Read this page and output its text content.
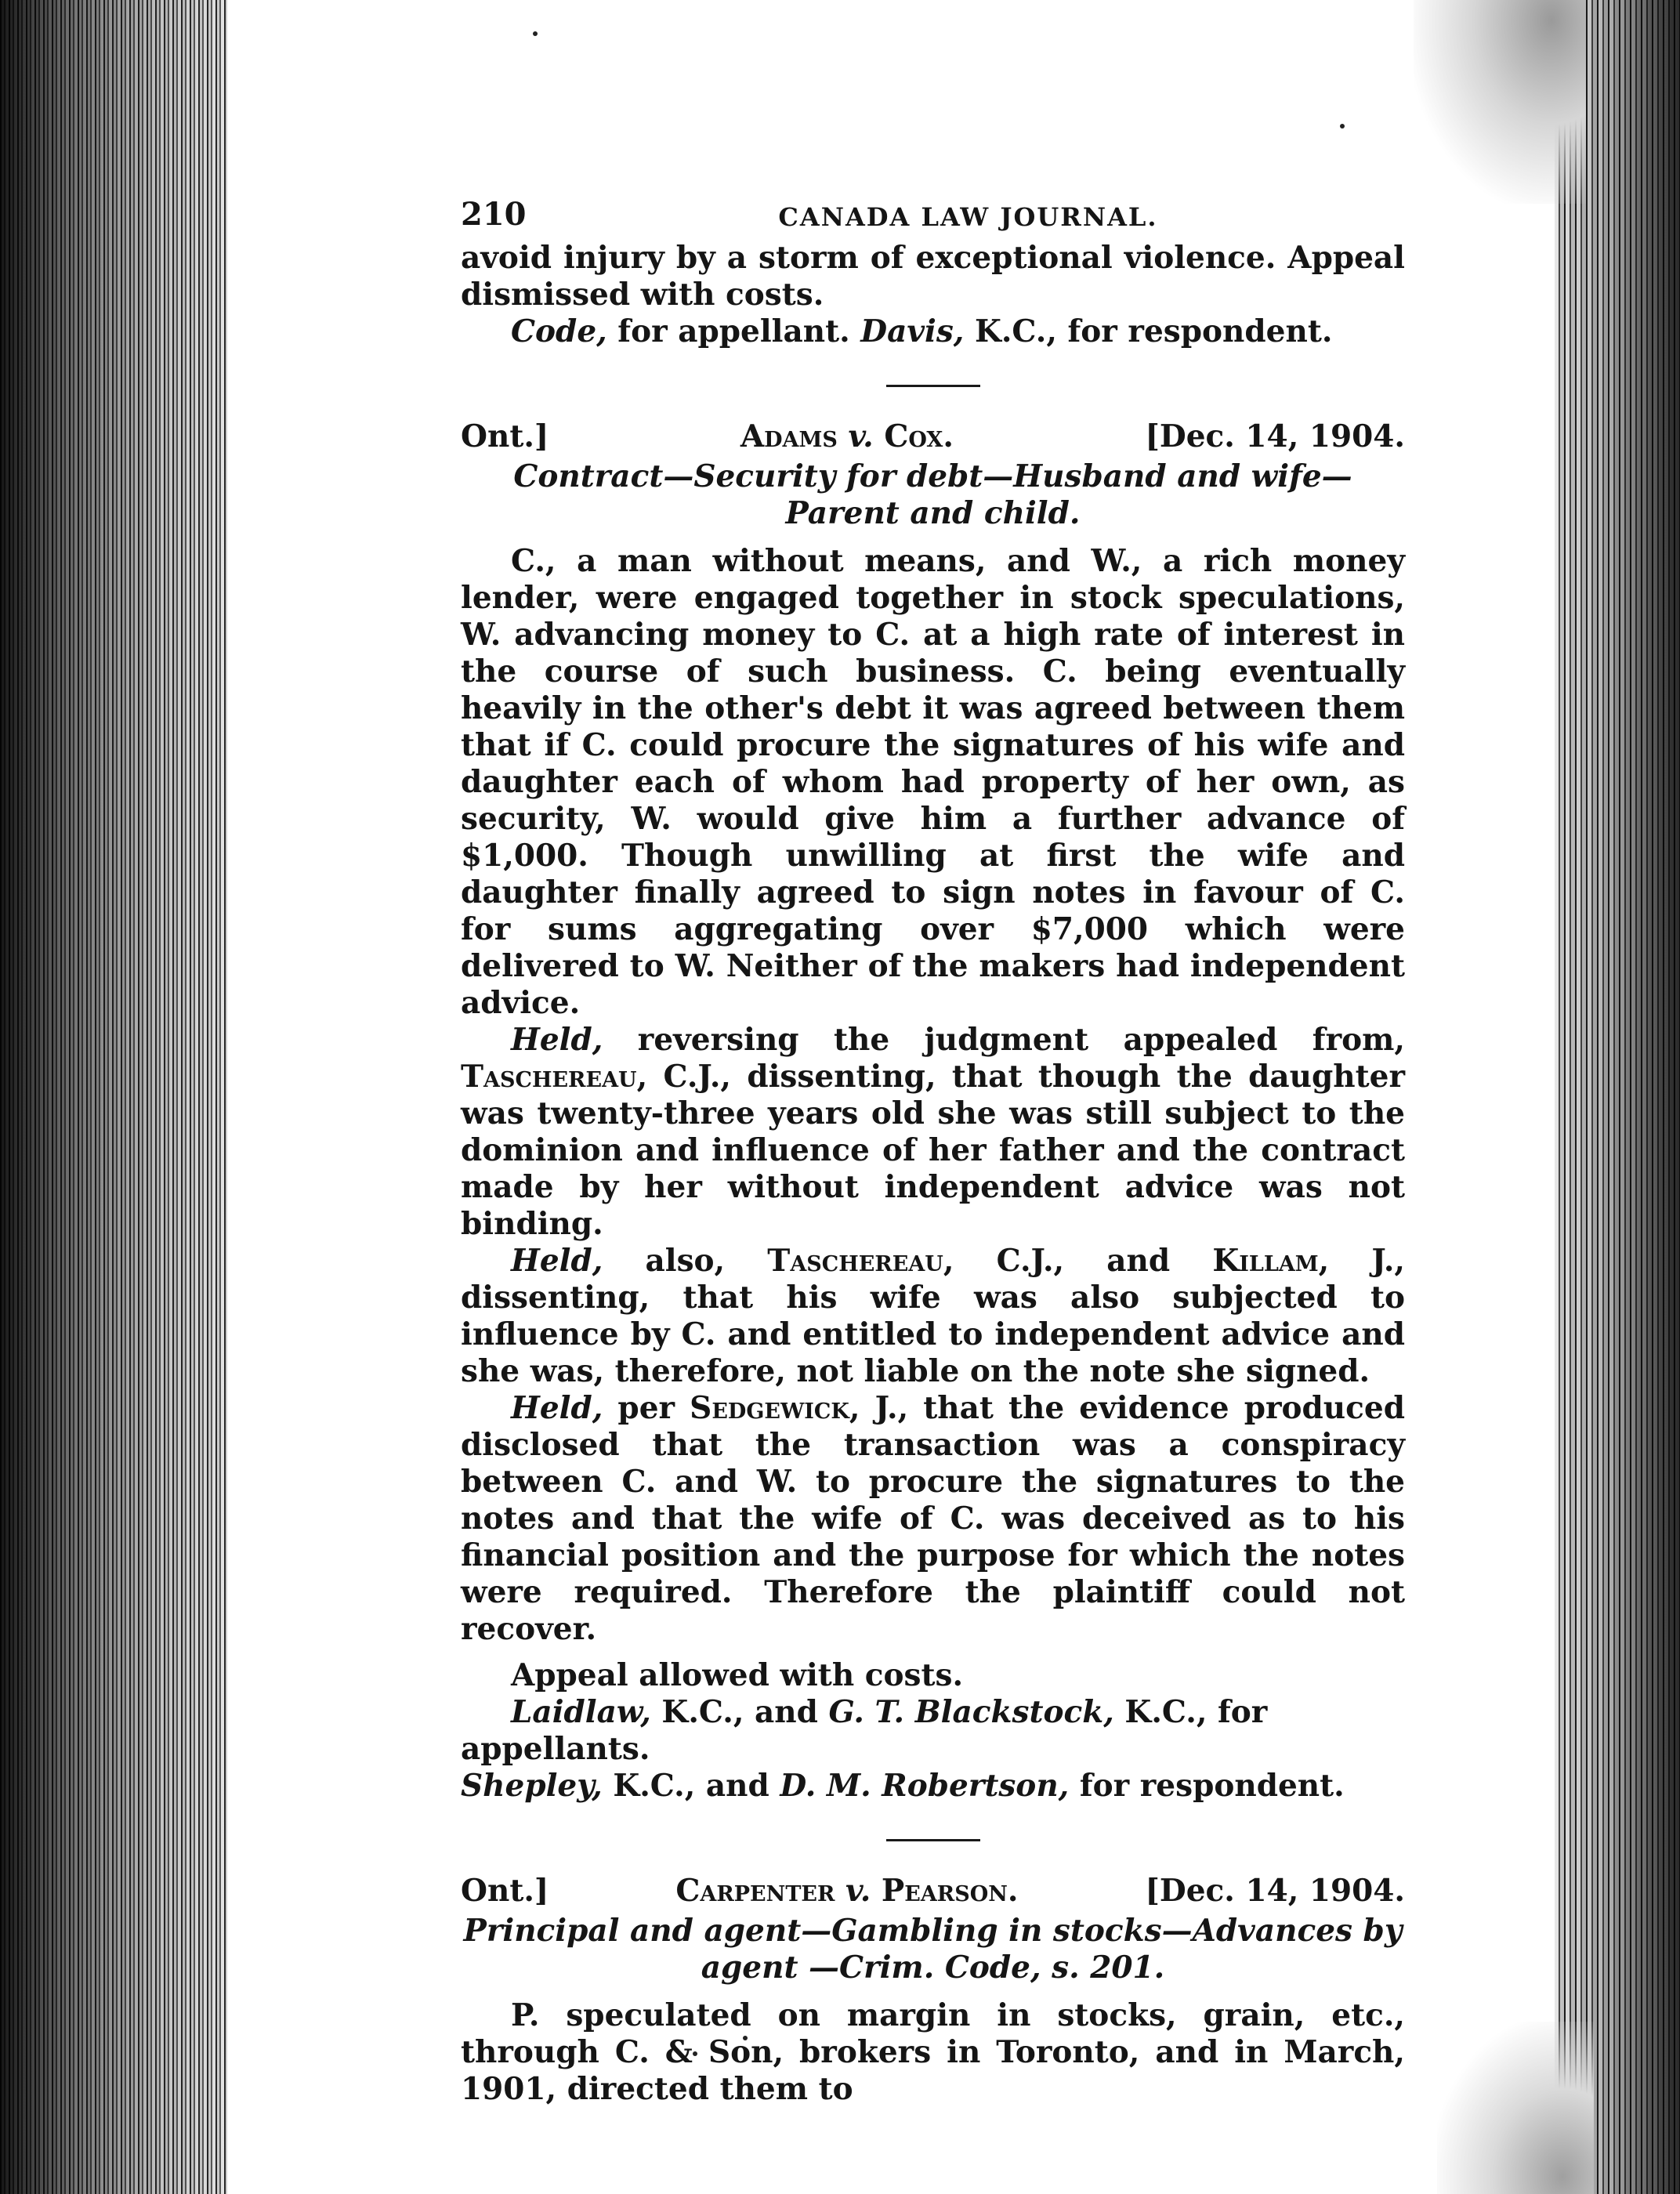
210	CANADA LAW JOURNAL.

avoid injury by a storm of exceptional violence. Appeal dismissed with costs.

Code, for appellant. Davis, K.C., for respondent.

Ont.]	Adams v. Cox.	[Dec. 14, 1904.

Contract—Security for debt—Husband and wife—Parent and child.

C., a man without means, and W., a rich money lender, were engaged together in stock speculations, W. advancing money to C. at a high rate of interest in the course of such business. C. being eventually heavily in the other's debt it was agreed between them that if C. could procure the signatures of his wife and daughter each of whom had property of her own, as security, W. would give him a further advance of $1,000. Though unwilling at first the wife and daughter finally agreed to sign notes in favour of C. for sums aggregating over $7,000 which were delivered to W. Neither of the makers had independent advice.

Held, reversing the judgment appealed from, Taschereau, C.J., dissenting, that though the daughter was twenty-three years old she was still subject to the dominion and influence of her father and the contract made by her without independent advice was not binding.

Held, also, Taschereau, C.J., and Killam, J., dissenting, that his wife was also subjected to influence by C. and entitled to independent advice and she was, therefore, not liable on the note she signed.

Held, per Sedgewick, J., that the evidence produced disclosed that the transaction was a conspiracy between C. and W. to procure the signatures to the notes and that the wife of C. was deceived as to his financial position and the purpose for which the notes were required. Therefore the plaintiff could not recover.

Appeal allowed with costs.

Laidlaw, K.C., and G. T. Blackstock, K.C., for appellants.

Shepley, K.C., and D. M. Robertson, for respondent.

Ont.]	Carpenter v. Pearson.	[Dec. 14, 1904.

Principal and agent—Gambling in stocks—Advances by agent —Crim. Code, s. 201.

P. speculated on margin in stocks, grain, etc., through C. & Son, brokers in Toronto, and in March, 1901, directed them to
